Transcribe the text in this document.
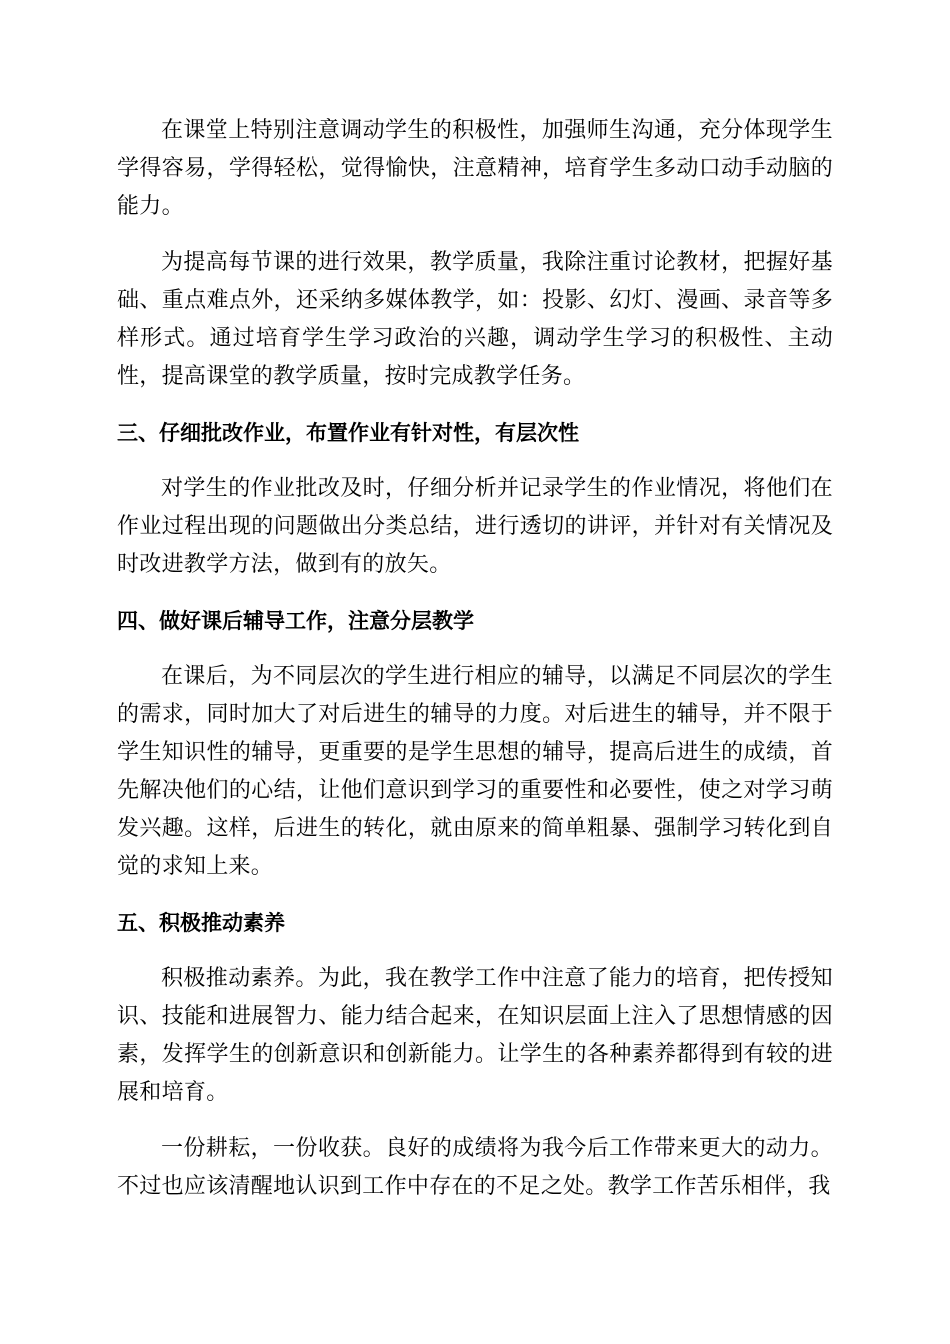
在课堂上特别注意调动学生的积极性，加强师生沟通，充分体现学生学得容易，学得轻松，觉得愉快，注意精神，培育学生多动口动手动脑的能力。

为提高每节课的进行效果，教学质量，我除注重讨论教材，把握好基础、重点难点外，还采纳多媒体教学，如：投影、幻灯、漫画、录音等多样形式。通过培育学生学习政治的兴趣，调动学生学习的积极性、主动性，提高课堂的教学质量，按时完成教学任务。

三、仔细批改作业，布置作业有针对性，有层次性

对学生的作业批改及时，仔细分析并记录学生的作业情况，将他们在作业过程出现的问题做出分类总结，进行透切的讲评，并针对有关情况及时改进教学方法，做到有的放矢。

四、做好课后辅导工作，注意分层教学

在课后，为不同层次的学生进行相应的辅导，以满足不同层次的学生的需求，同时加大了对后进生的辅导的力度。对后进生的辅导，并不限于学生知识性的辅导，更重要的是学生思想的辅导，提高后进生的成绩，首先解决他们的心结，让他们意识到学习的重要性和必要性，使之对学习萌发兴趣。这样，后进生的转化，就由原来的简单粗暴、强制学习转化到自觉的求知上来。

五、积极推动素养

积极推动素养。为此，我在教学工作中注意了能力的培育，把传授知识、技能和进展智力、能力结合起来，在知识层面上注入了思想情感的因素，发挥学生的创新意识和创新能力。让学生的各种素养都得到有较的进展和培育。

一份耕耘，一份收获。良好的成绩将为我今后工作带来更大的动力。不过也应该清醒地认识到工作中存在的不足之处。教学工作苦乐相伴，我
